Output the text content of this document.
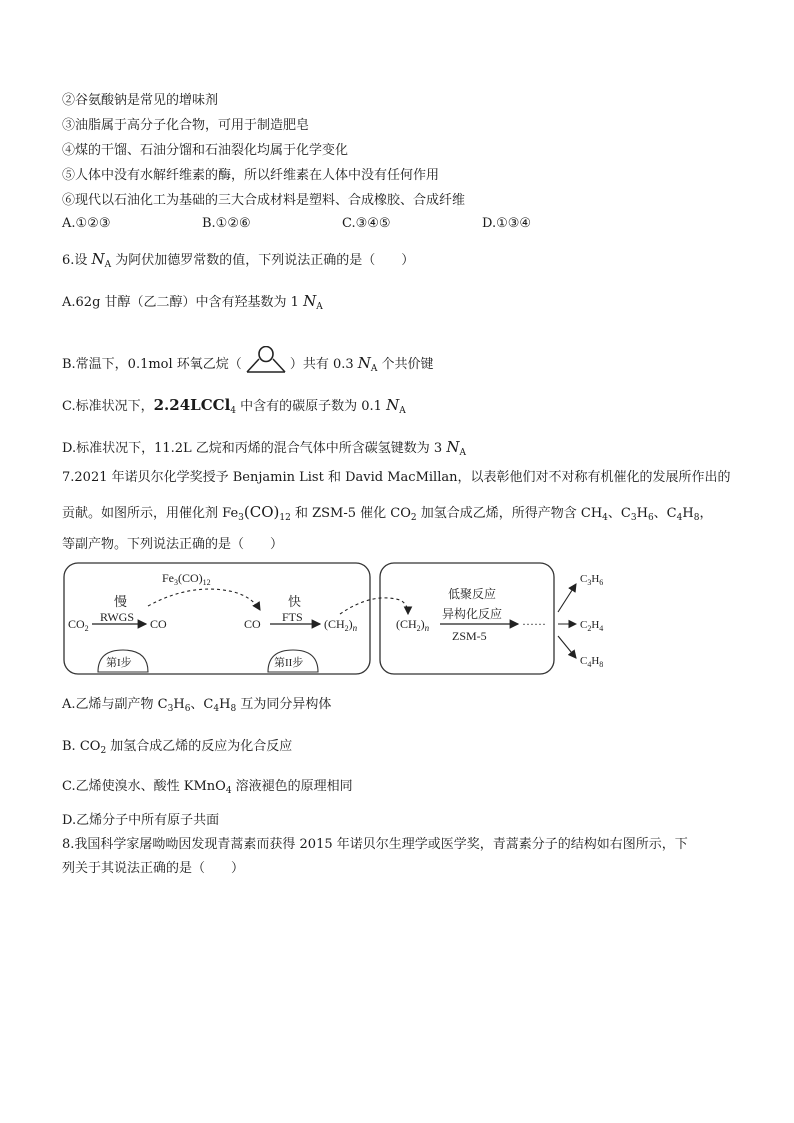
②谷氨酸钠是常见的增味剂
③油脂属于高分子化合物，可用于制造肥皂
④煤的干馏、石油分馏和石油裂化均属于化学变化
⑤人体中没有水解纤维素的酶，所以纤维素在人体中没有任何作用
⑥现代以石油化工为基础的三大合成材料是塑料、合成橡胶、合成纤维
A.①②③	B.①②⑥	C.③④⑤	D.①③④
6.设 $N_A$ 为阿伏加德罗常数的值，下列说法正确的是（　　）
A.62g 甘醇（乙二醇）中含有羟基数为 1 $N_A$
B.常温下，0.1mol 环氧乙烷（	）共有 0.3 $N_A$ 个共价键
C.标准状况下，2.24LCCl$_4$ 中含有的碳原子数为 0.1 $N_A$
D.标准状况下，11.2L 乙烷和丙烯的混合气体中所含碳氢键数为 3 $N_A$
7.2021 年诺贝尔化学奖授予 Benjamin List 和 David MacMillan，以表彰他们对不对称有机催化的发展所作出的
贡献。如图所示，用催化剂 $Fe_3(CO)_{12}$ 和 ZSM-5 催化 $CO_2$ 加氢合成乙烯，所得产物含 $CH_4$、$C_3H_6$、$C_4H_8$，
等副产物。下列说法正确的是（　　）
$Fe_3(CO)_{12}$
慢
RWGS
$CO_2$	CO
第I步
CO
快
FTS $(CH_2)_n$
第II步
$(CH_2)_n$
低聚反应
异构化反应
ZSM-5
······
$C_3H_6$
$C_2H_4$
$C_4H_8$
A.乙烯与副产物 $C_3H_6$、$C_4H_8$ 互为同分异构体
B. $CO_2$ 加氢合成乙烯的反应为化合反应
C.乙烯使溴水、酸性 KMnO$_4$ 溶液褪色的原理相同
D.乙烯分子中所有原子共面
8.我国科学家屠呦呦因发现青蒿素而获得 2015 年诺贝尔生理学或医学奖，青蒿素分子的结构如右图所示，下
列关于其说法正确的是（　　）
